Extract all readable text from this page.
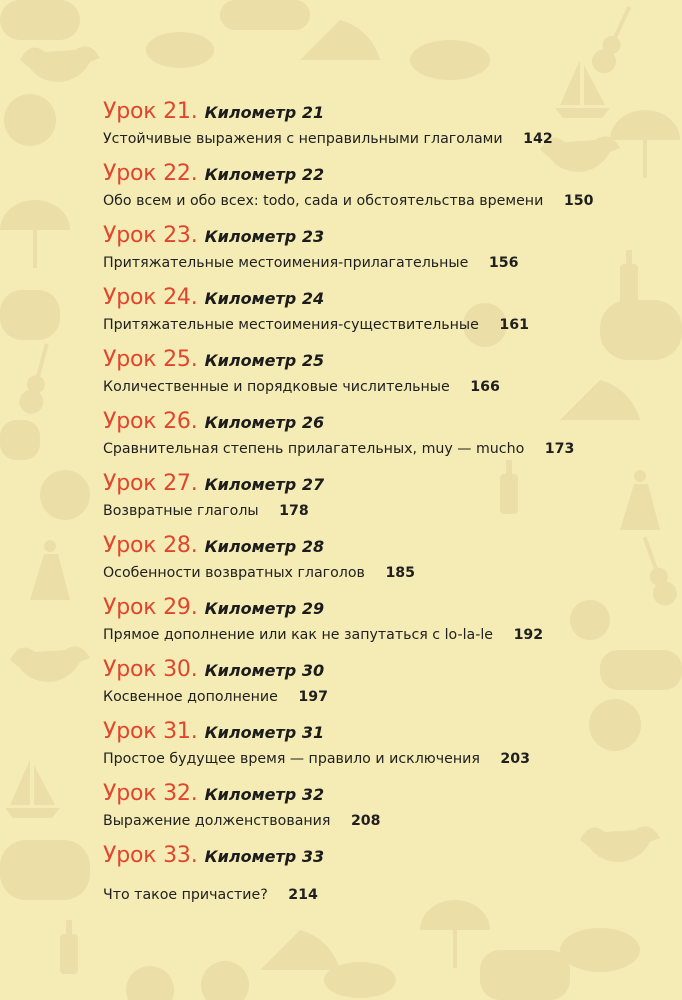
Урок 21. Километр 21
Устойчивые выражения с неправильными глаголами 142
Урок 22. Километр 22
Обо всем и обо всех: todo, cada и обстоятельства времени 150
Урок 23. Километр 23
Притяжательные местоимения-прилагательные 156
Урок 24. Километр 24
Притяжательные местоимения-существительные 161
Урок 25. Километр 25
Количественные и порядковые числительные 166
Урок 26. Километр 26
Сравнительная степень прилагательных, muy — mucho 173
Урок 27. Километр 27
Возвратные глаголы 178
Урок 28. Километр 28
Особенности возвратных глаголов 185
Урок 29. Километр 29
Прямое дополнение или как не запутаться с lo-la-le 192
Урок 30. Километр 30
Косвенное дополнение 197
Урок 31. Километр 31
Простое будущее время — правило и исключения 203
Урок 32. Километр 32
Выражение долженствования 208
Урок 33. Километр 33
Что такое причастие? 214
